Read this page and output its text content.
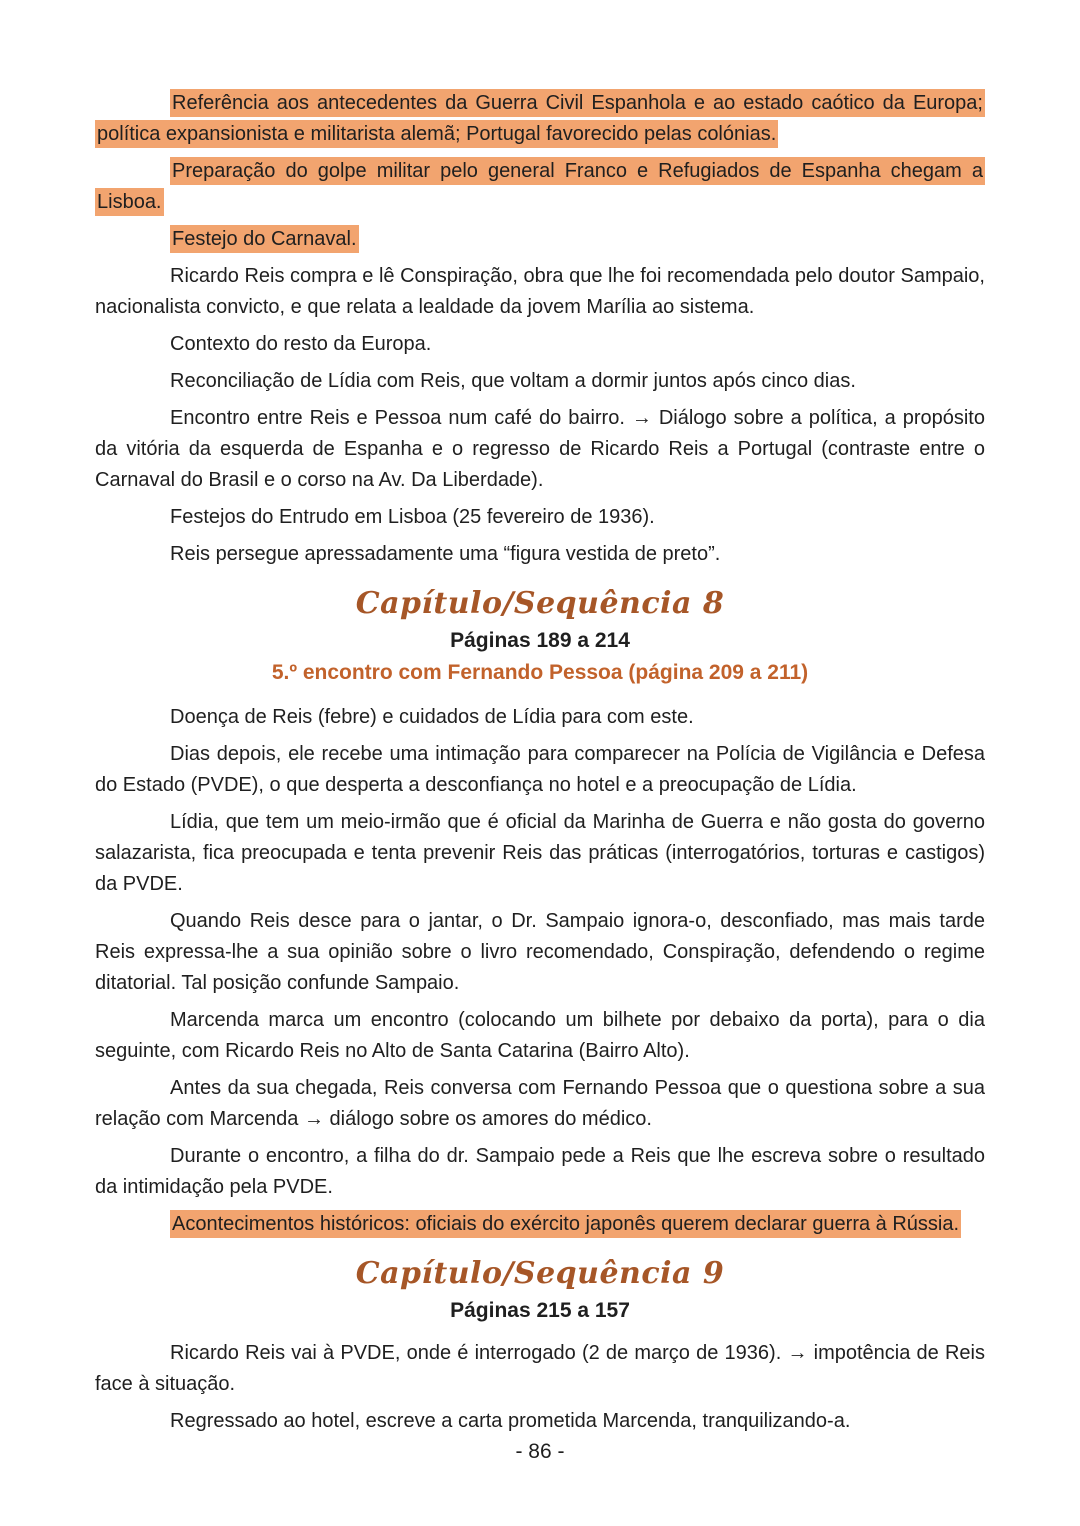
Referência aos antecedentes da Guerra Civil Espanhola e ao estado caótico da Europa; política expansionista e militarista alemã; Portugal favorecido pelas colónias.

Preparação do golpe militar pelo general Franco e Refugiados de Espanha chegam a Lisboa.

Festejo do Carnaval.

Ricardo Reis compra e lê Conspiração, obra que lhe foi recomendada pelo doutor Sampaio, nacionalista convicto, e que relata a lealdade da jovem Marília ao sistema.

Contexto do resto da Europa.

Reconciliação de Lídia com Reis, que voltam a dormir juntos após cinco dias.

Encontro entre Reis e Pessoa num café do bairro. → Diálogo sobre a política, a propósito da vitória da esquerda de Espanha e o regresso de Ricardo Reis a Portugal (contraste entre o Carnaval do Brasil e o corso na Av. Da Liberdade).

Festejos do Entrudo em Lisboa (25 fevereiro de 1936).

Reis persegue apressadamente uma “figura vestida de preto”.

Capítulo/Sequência 8

Páginas 189 a 214

5.º encontro com Fernando Pessoa (página 209 a 211)

Doença de Reis (febre) e cuidados de Lídia para com este.

Dias depois, ele recebe uma intimação para comparecer na Polícia de Vigilância e Defesa do Estado (PVDE), o que desperta a desconfiança no hotel e a preocupação de Lídia.

Lídia, que tem um meio-irmão que é oficial da Marinha de Guerra e não gosta do governo salazarista, fica preocupada e tenta prevenir Reis das práticas (interrogatórios, torturas e castigos) da PVDE.

Quando Reis desce para o jantar, o Dr. Sampaio ignora-o, desconfiado, mas mais tarde Reis expressa-lhe a sua opinião sobre o livro recomendado, Conspiração, defendendo o regime ditatorial. Tal posição confunde Sampaio.

Marcenda marca um encontro (colocando um bilhete por debaixo da porta), para o dia seguinte, com Ricardo Reis no Alto de Santa Catarina (Bairro Alto).

Antes da sua chegada, Reis conversa com Fernando Pessoa que o questiona sobre a sua relação com Marcenda → diálogo sobre os amores do médico.

Durante o encontro, a filha do dr. Sampaio pede a Reis que lhe escreva sobre o resultado da intimidação pela PVDE.

Acontecimentos históricos: oficiais do exército japonês querem declarar guerra à Rússia.

Capítulo/Sequência 9

Páginas 215 a 157

Ricardo Reis vai à PVDE, onde é interrogado (2 de março de 1936). → impotência de Reis face à situação.

Regressado ao hotel, escreve a carta prometida Marcenda, tranquilizando-a.

- 86 -
